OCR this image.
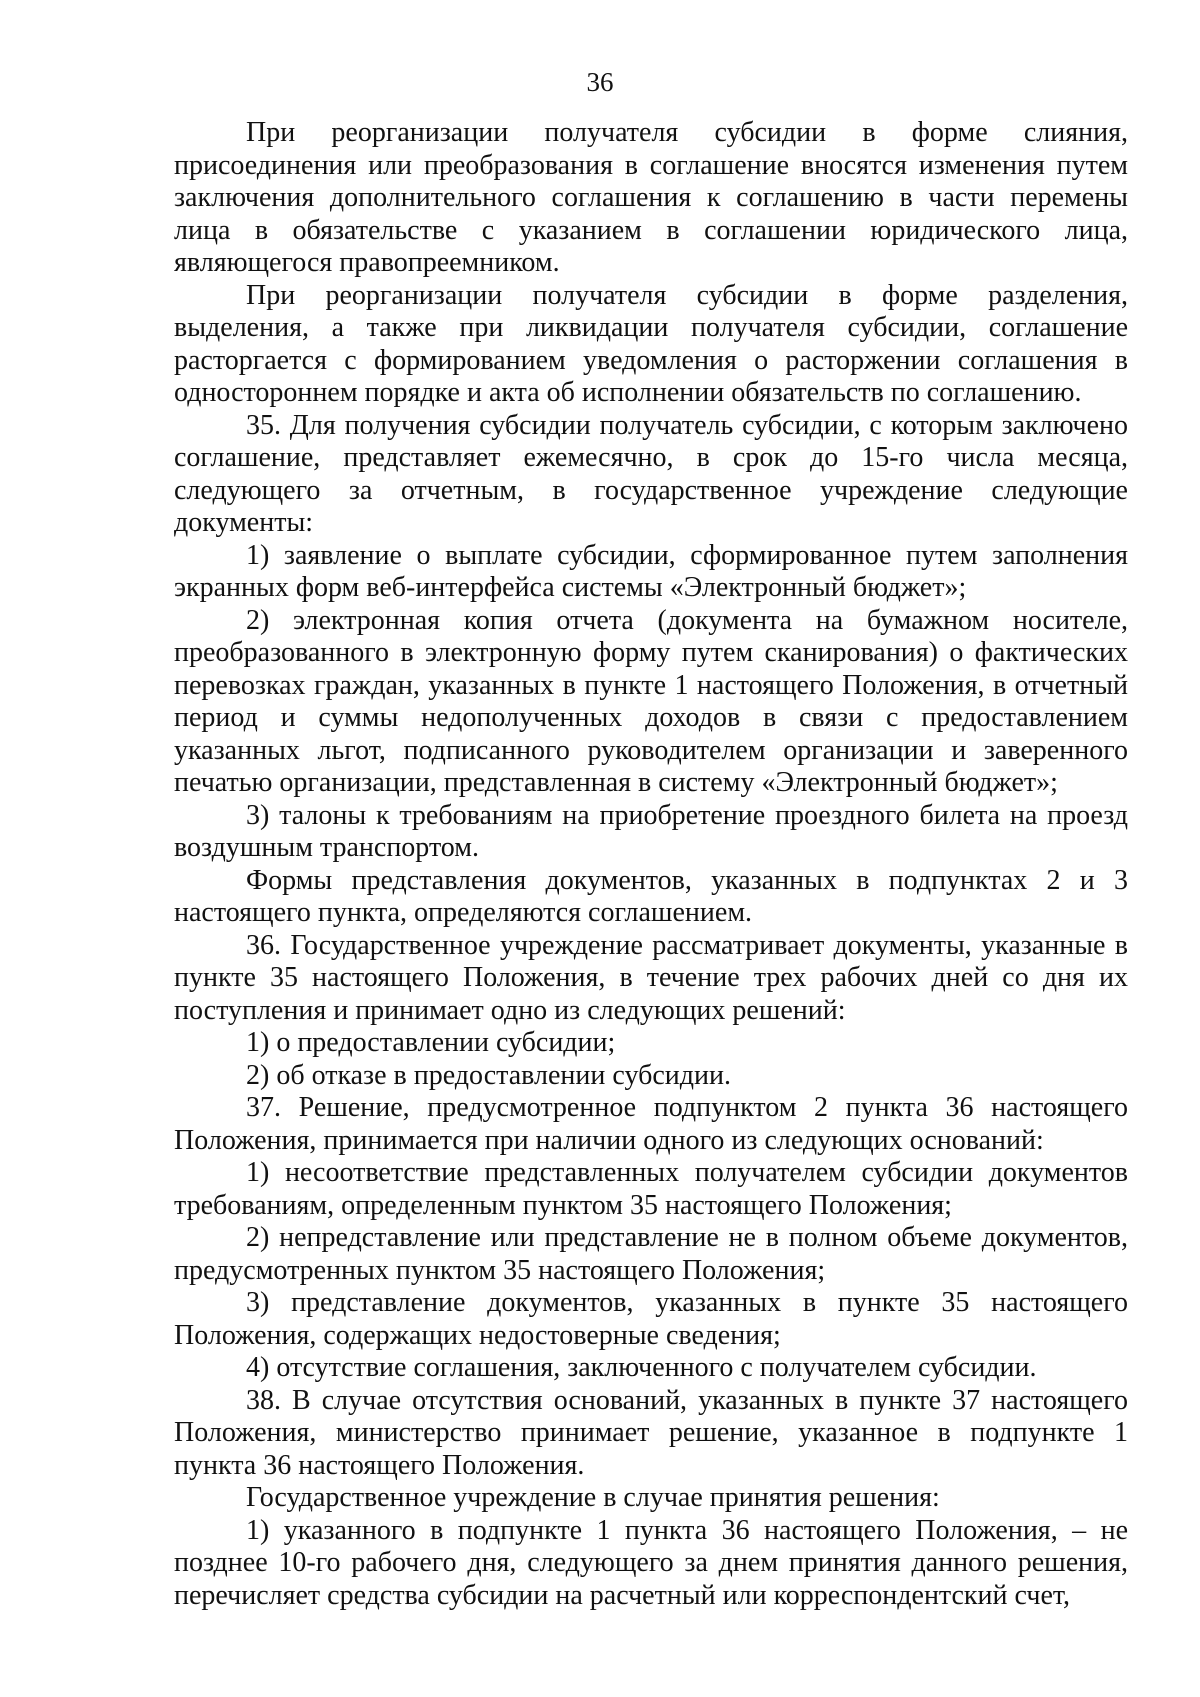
36

При реорганизации получателя субсидии в форме слияния, присоединения или преобразования в соглашение вносятся изменения путем заключения дополнительного соглашения к соглашению в части перемены лица в обязательстве с указанием в соглашении юридического лица, являющегося правопреемником.

При реорганизации получателя субсидии в форме разделения, выделения, а также при ликвидации получателя субсидии, соглашение расторгается с формированием уведомления о расторжении соглашения в одностороннем порядке и акта об исполнении обязательств по соглашению.

35. Для получения субсидии получатель субсидии, с которым заключено соглашение, представляет ежемесячно, в срок до 15-го числа месяца, следующего за отчетным, в государственное учреждение следующие документы:

1) заявление о выплате субсидии, сформированное путем заполнения экранных форм веб-интерфейса системы «Электронный бюджет»;

2) электронная копия отчета (документа на бумажном носителе, преобразованного в электронную форму путем сканирования) о фактических перевозках граждан, указанных в пункте 1 настоящего Положения, в отчетный период и суммы недополученных доходов в связи с предоставлением указанных льгот, подписанного руководителем организации и заверенного печатью организации, представленная в систему «Электронный бюджет»;

3) талоны к требованиям на приобретение проездного билета на проезд воздушным транспортом.

Формы представления документов, указанных в подпунктах 2 и 3 настоящего пункта, определяются соглашением.

36. Государственное учреждение рассматривает документы, указанные в пункте 35 настоящего Положения, в течение трех рабочих дней со дня их поступления и принимает одно из следующих решений:

1) о предоставлении субсидии;

2) об отказе в предоставлении субсидии.

37. Решение, предусмотренное подпунктом 2 пункта 36 настоящего Положения, принимается при наличии одного из следующих оснований:

1) несоответствие представленных получателем субсидии документов требованиям, определенным пунктом 35 настоящего Положения;

2) непредставление или представление не в полном объеме документов, предусмотренных пунктом 35 настоящего Положения;

3) представление документов, указанных в пункте 35 настоящего Положения, содержащих недостоверные сведения;

4) отсутствие соглашения, заключенного с получателем субсидии.

38. В случае отсутствия оснований, указанных в пункте 37 настоящего Положения, министерство принимает решение, указанное в подпункте 1 пункта 36 настоящего Положения.

Государственное учреждение в случае принятия решения:

1) указанного в подпункте 1 пункта 36 настоящего Положения, – не позднее 10-го рабочего дня, следующего за днем принятия данного решения, перечисляет средства субсидии на расчетный или корреспондентский счет,
